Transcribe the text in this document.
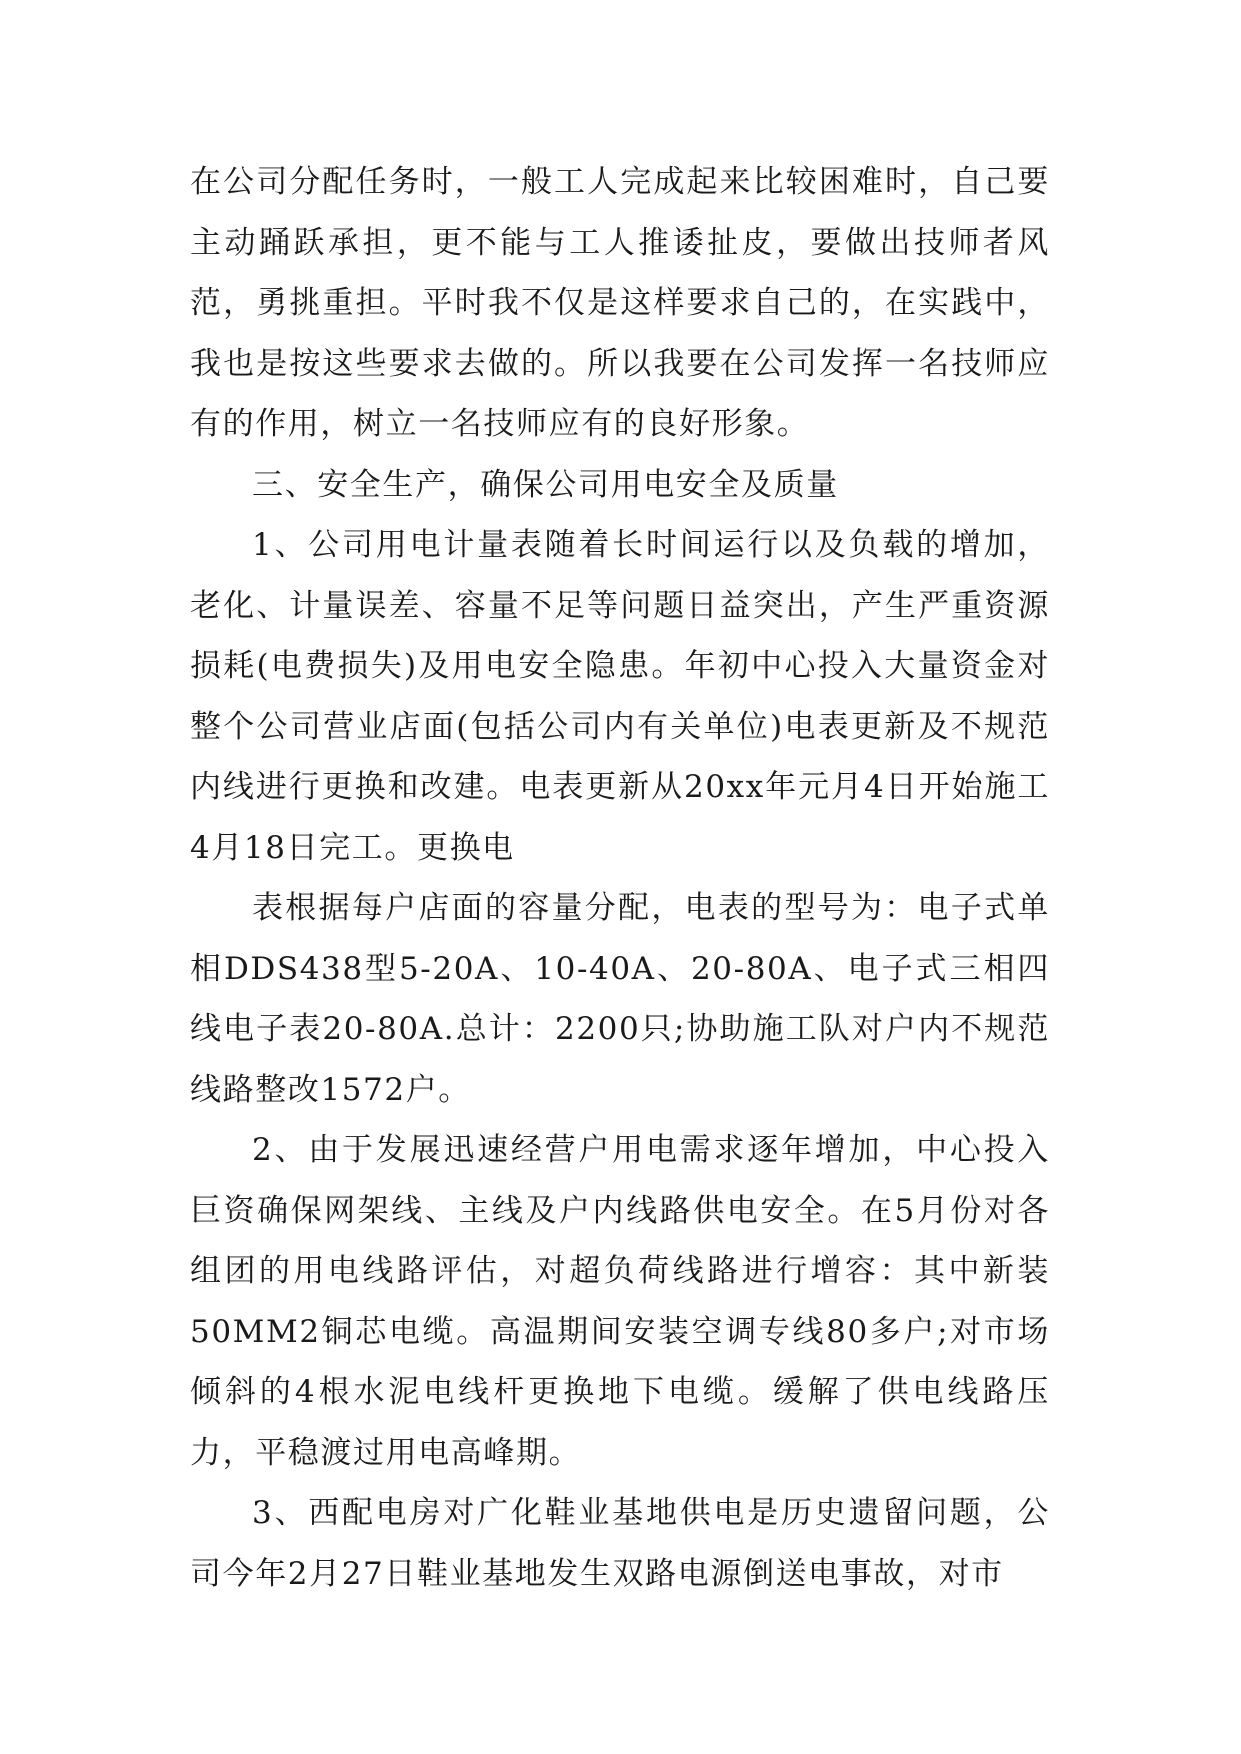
在公司分配任务时，一般工人完成起来比较困难时，自己要主动踊跃承担，更不能与工人推诿扯皮，要做出技师者风范，勇挑重担。平时我不仅是这样要求自己的，在实践中，我也是按这些要求去做的。所以我要在公司发挥一名技师应有的作用，树立一名技师应有的良好形象。

三、安全生产，确保公司用电安全及质量

1、公司用电计量表随着长时间运行以及负载的增加，老化、计量误差、容量不足等问题日益突出，产生严重资源损耗(电费损失)及用电安全隐患。年初中心投入大量资金对整个公司营业店面(包括公司内有关单位)电表更新及不规范内线进行更换和改建。电表更新从20xx年元月4日开始施工4月18日完工。更换电

表根据每户店面的容量分配，电表的型号为：电子式单相DDS438型5-20A、10-40A、20-80A、电子式三相四线电子表20-80A.总计：2200只;协助施工队对户内不规范线路整改1572户。

2、由于发展迅速经营户用电需求逐年增加，中心投入巨资确保网架线、主线及户内线路供电安全。在5月份对各组团的用电线路评估，对超负荷线路进行增容：其中新装50MM2铜芯电缆。高温期间安装空调专线80多户;对市场倾斜的4根水泥电线杆更换地下电缆。缓解了供电线路压力，平稳渡过用电高峰期。

3、西配电房对广化鞋业基地供电是历史遗留问题，公司今年2月27日鞋业基地发生双路电源倒送电事故，对市
